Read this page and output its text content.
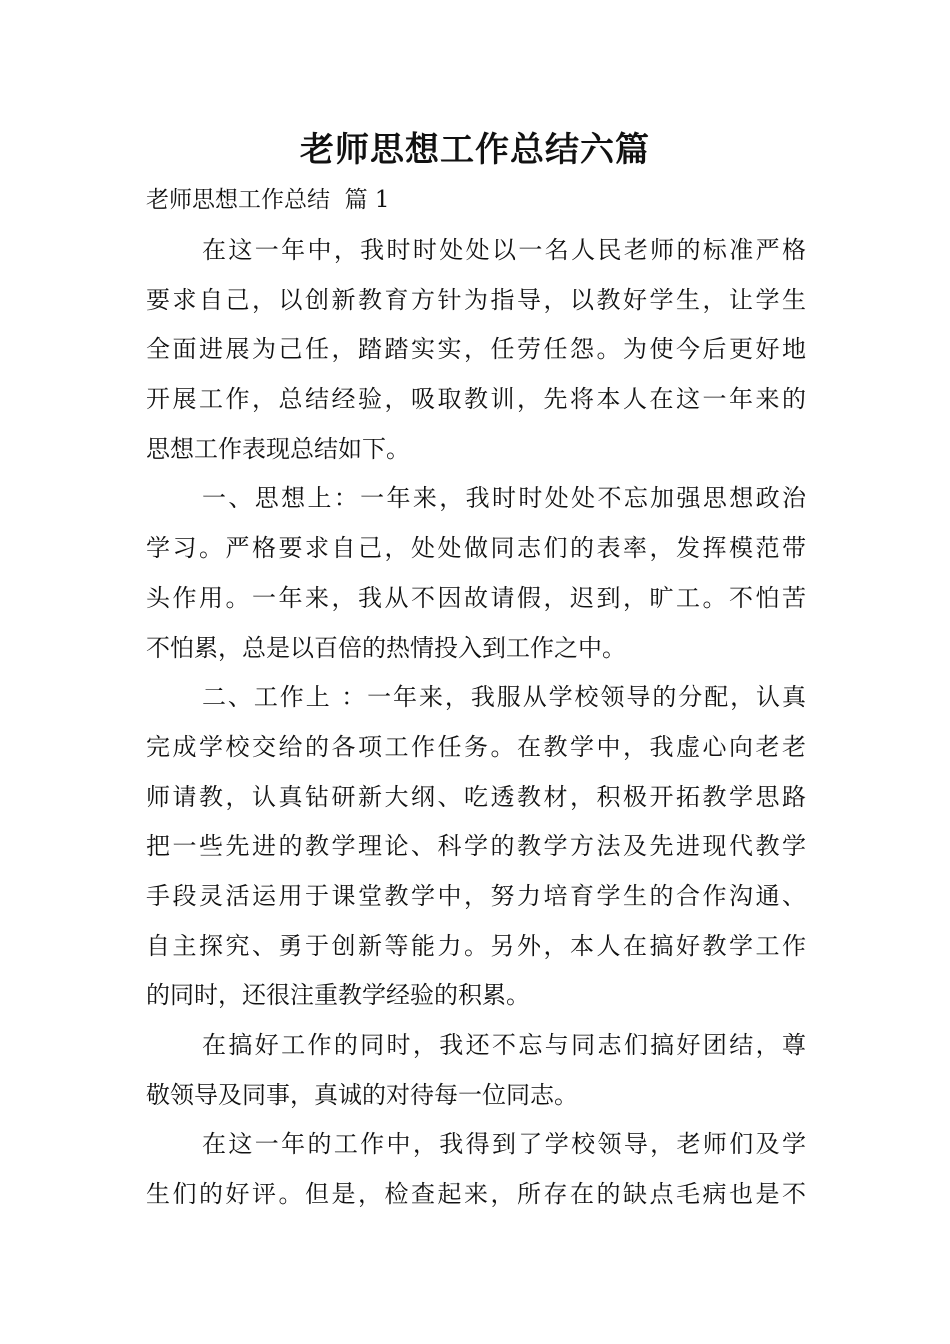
老师思想工作总结六篇
老师思想工作总结  篇 1
在这一年中，我时时处处以一名人民老师的标准严格
要求自己，以创新教育方针为指导，以教好学生，让学生
全面进展为己任，踏踏实实，任劳任怨。为使今后更好地
开展工作，总结经验，吸取教训，先将本人在这一年来的
思想工作表现总结如下。
一、思想上：一年来，我时时处处不忘加强思想政治
学习。严格要求自己，处处做同志们的表率，发挥模范带
头作用。一年来，我从不因故请假，迟到，旷工。不怕苦
不怕累，总是以百倍的热情投入到工作之中。
二、工作上 ：一年来，我服从学校领导的分配，认真
完成学校交给的各项工作任务。在教学中，我虚心向老老
师请教，认真钻研新大纲、吃透教材，积极开拓教学思路
把一些先进的教学理论、科学的教学方法及先进现代教学
手段灵活运用于课堂教学中，努力培育学生的合作沟通、
自主探究、勇于创新等能力。另外，本人在搞好教学工作
的同时，还很注重教学经验的积累。
在搞好工作的同时，我还不忘与同志们搞好团结，尊
敬领导及同事，真诚的对待每一位同志。
在这一年的工作中，我得到了学校领导，老师们及学
生们的好评。但是，检查起来，所存在的缺点毛病也是不
